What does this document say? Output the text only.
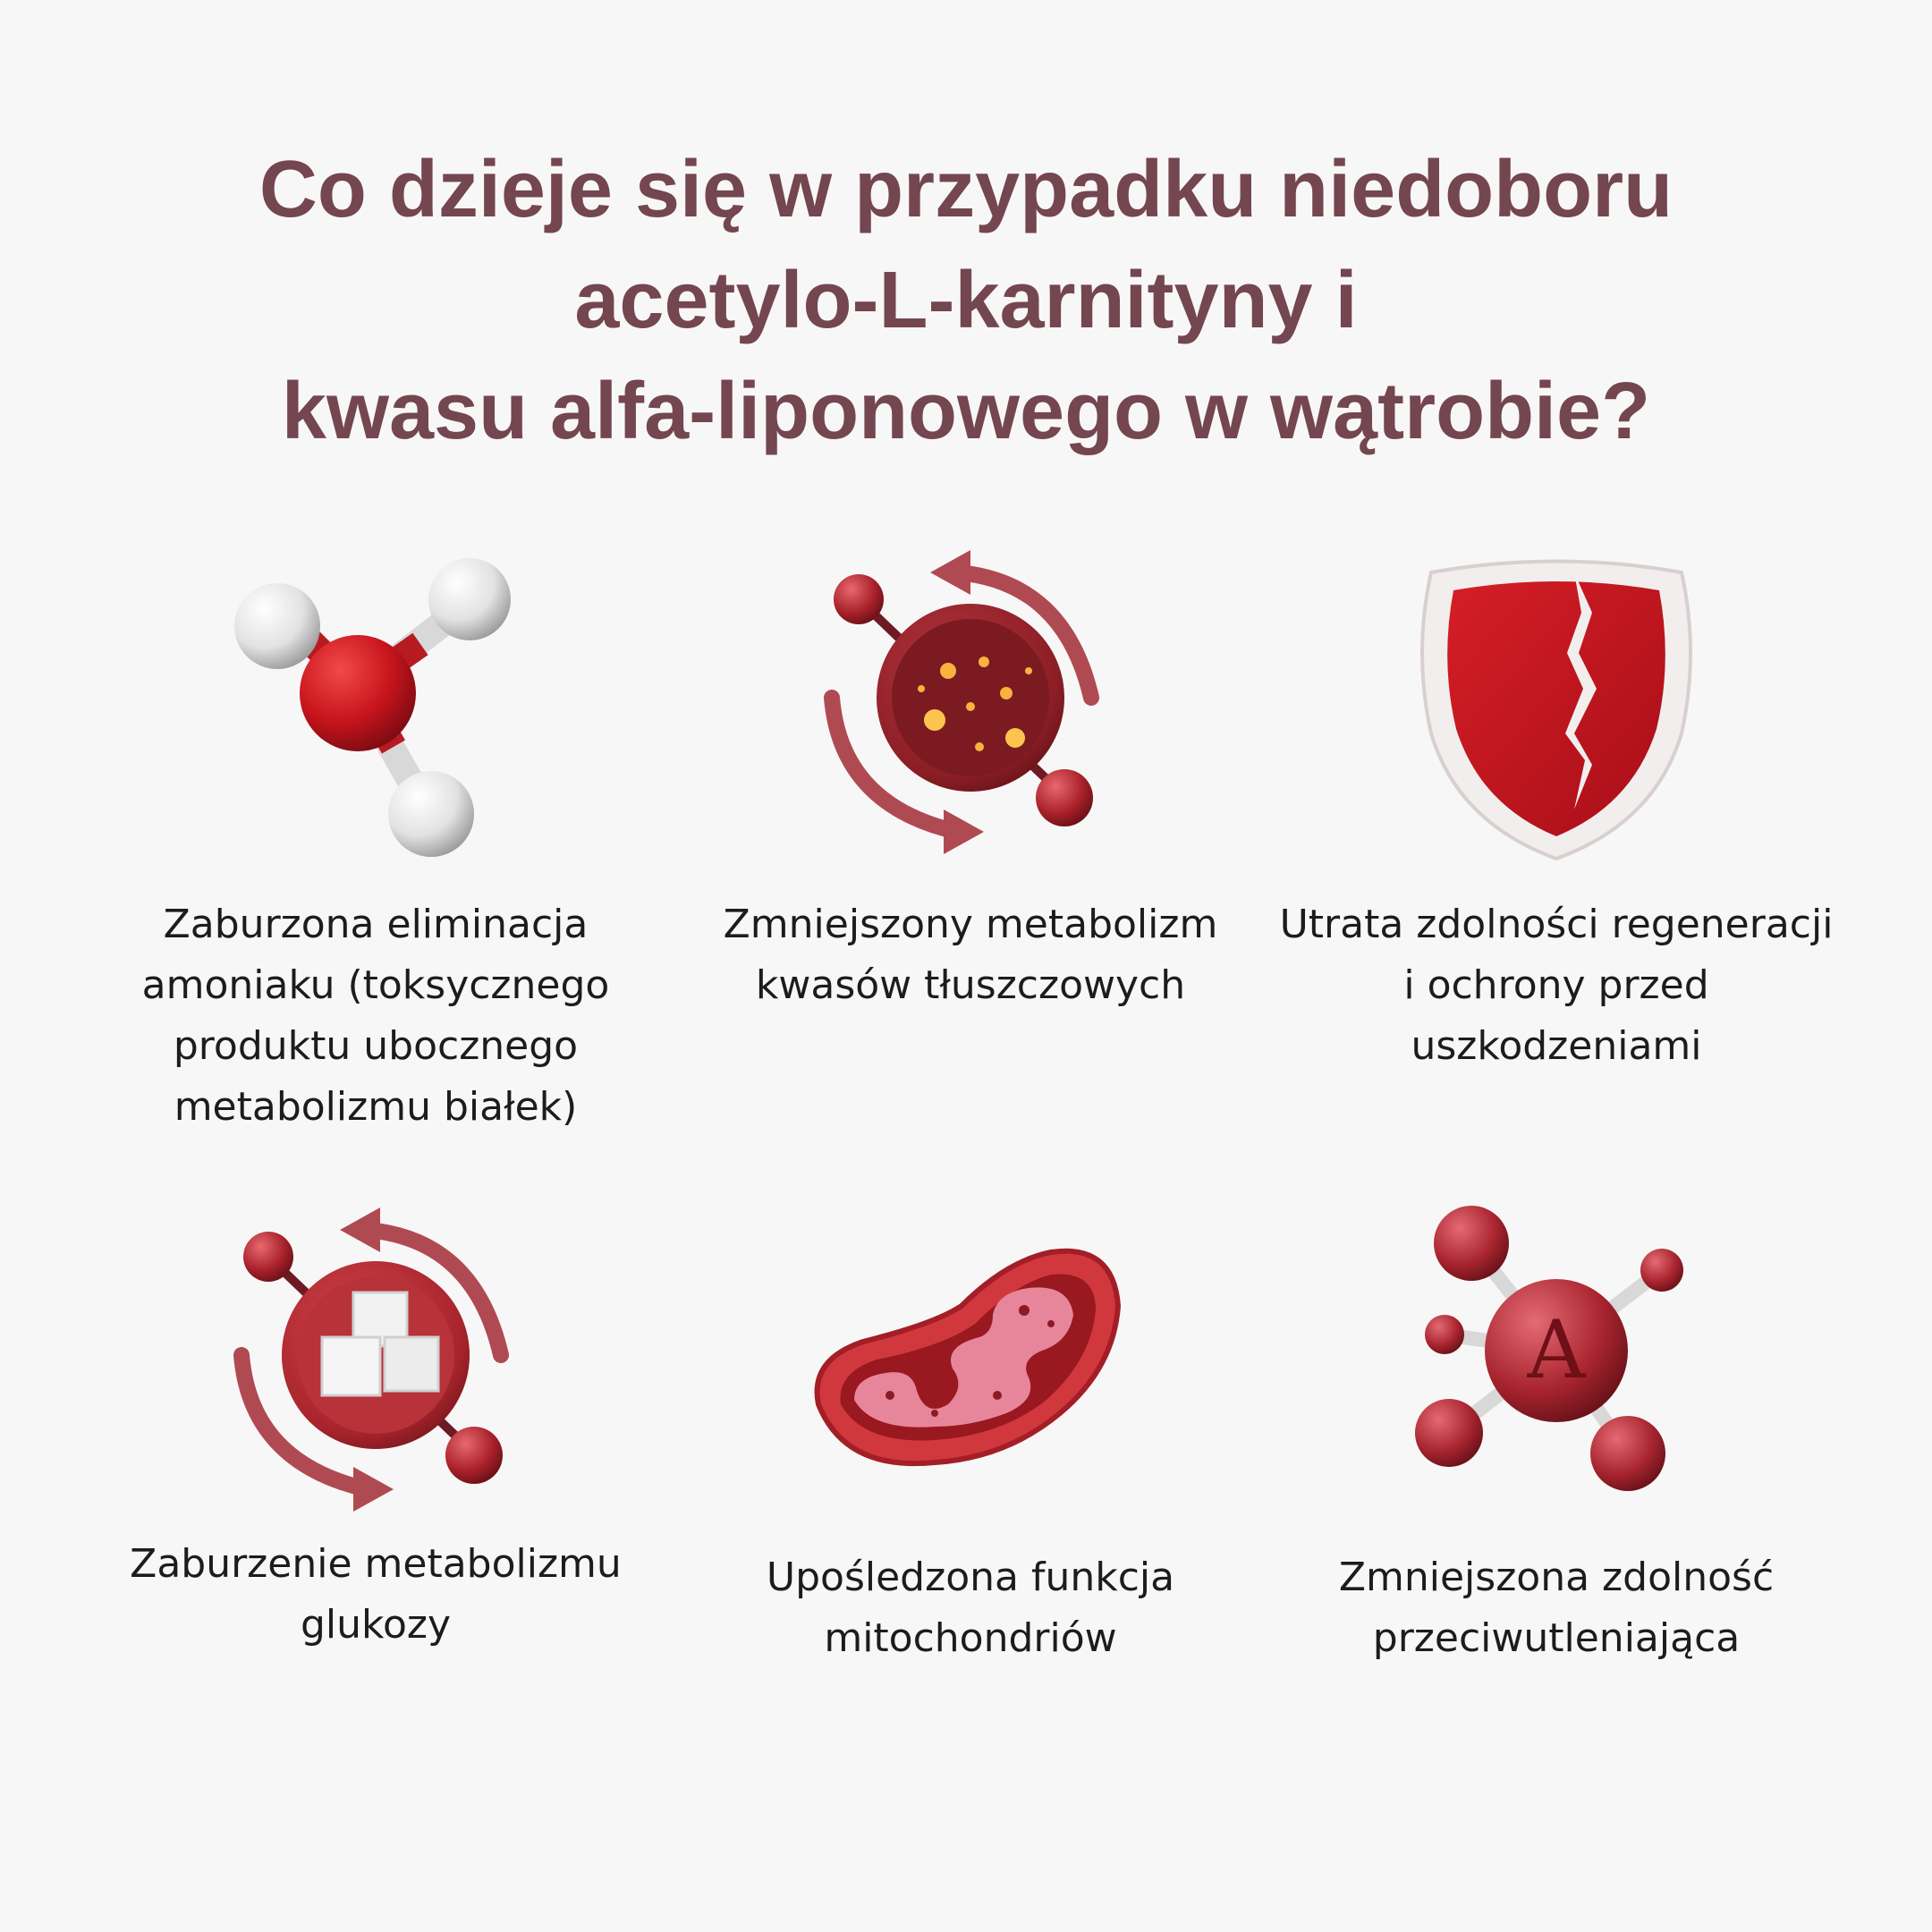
Co dzieje się w przypadku niedoboru
acetylo-L-karnityny i
kwasu alfa-liponowego w wątrobie?
Zaburzona eliminacja
amoniaku (toksycznego
produktu ubocznego
metabolizmu białek)
Zmniejszony metabolizm
kwasów tłuszczowych
Utrata zdolności regeneracji
i ochrony przed
uszkodzeniami
Zaburzenie metabolizmu
glukozy
Upośledzona funkcja
mitochondriów
A
Zmniejszona zdolność
przeciwutleniająca
